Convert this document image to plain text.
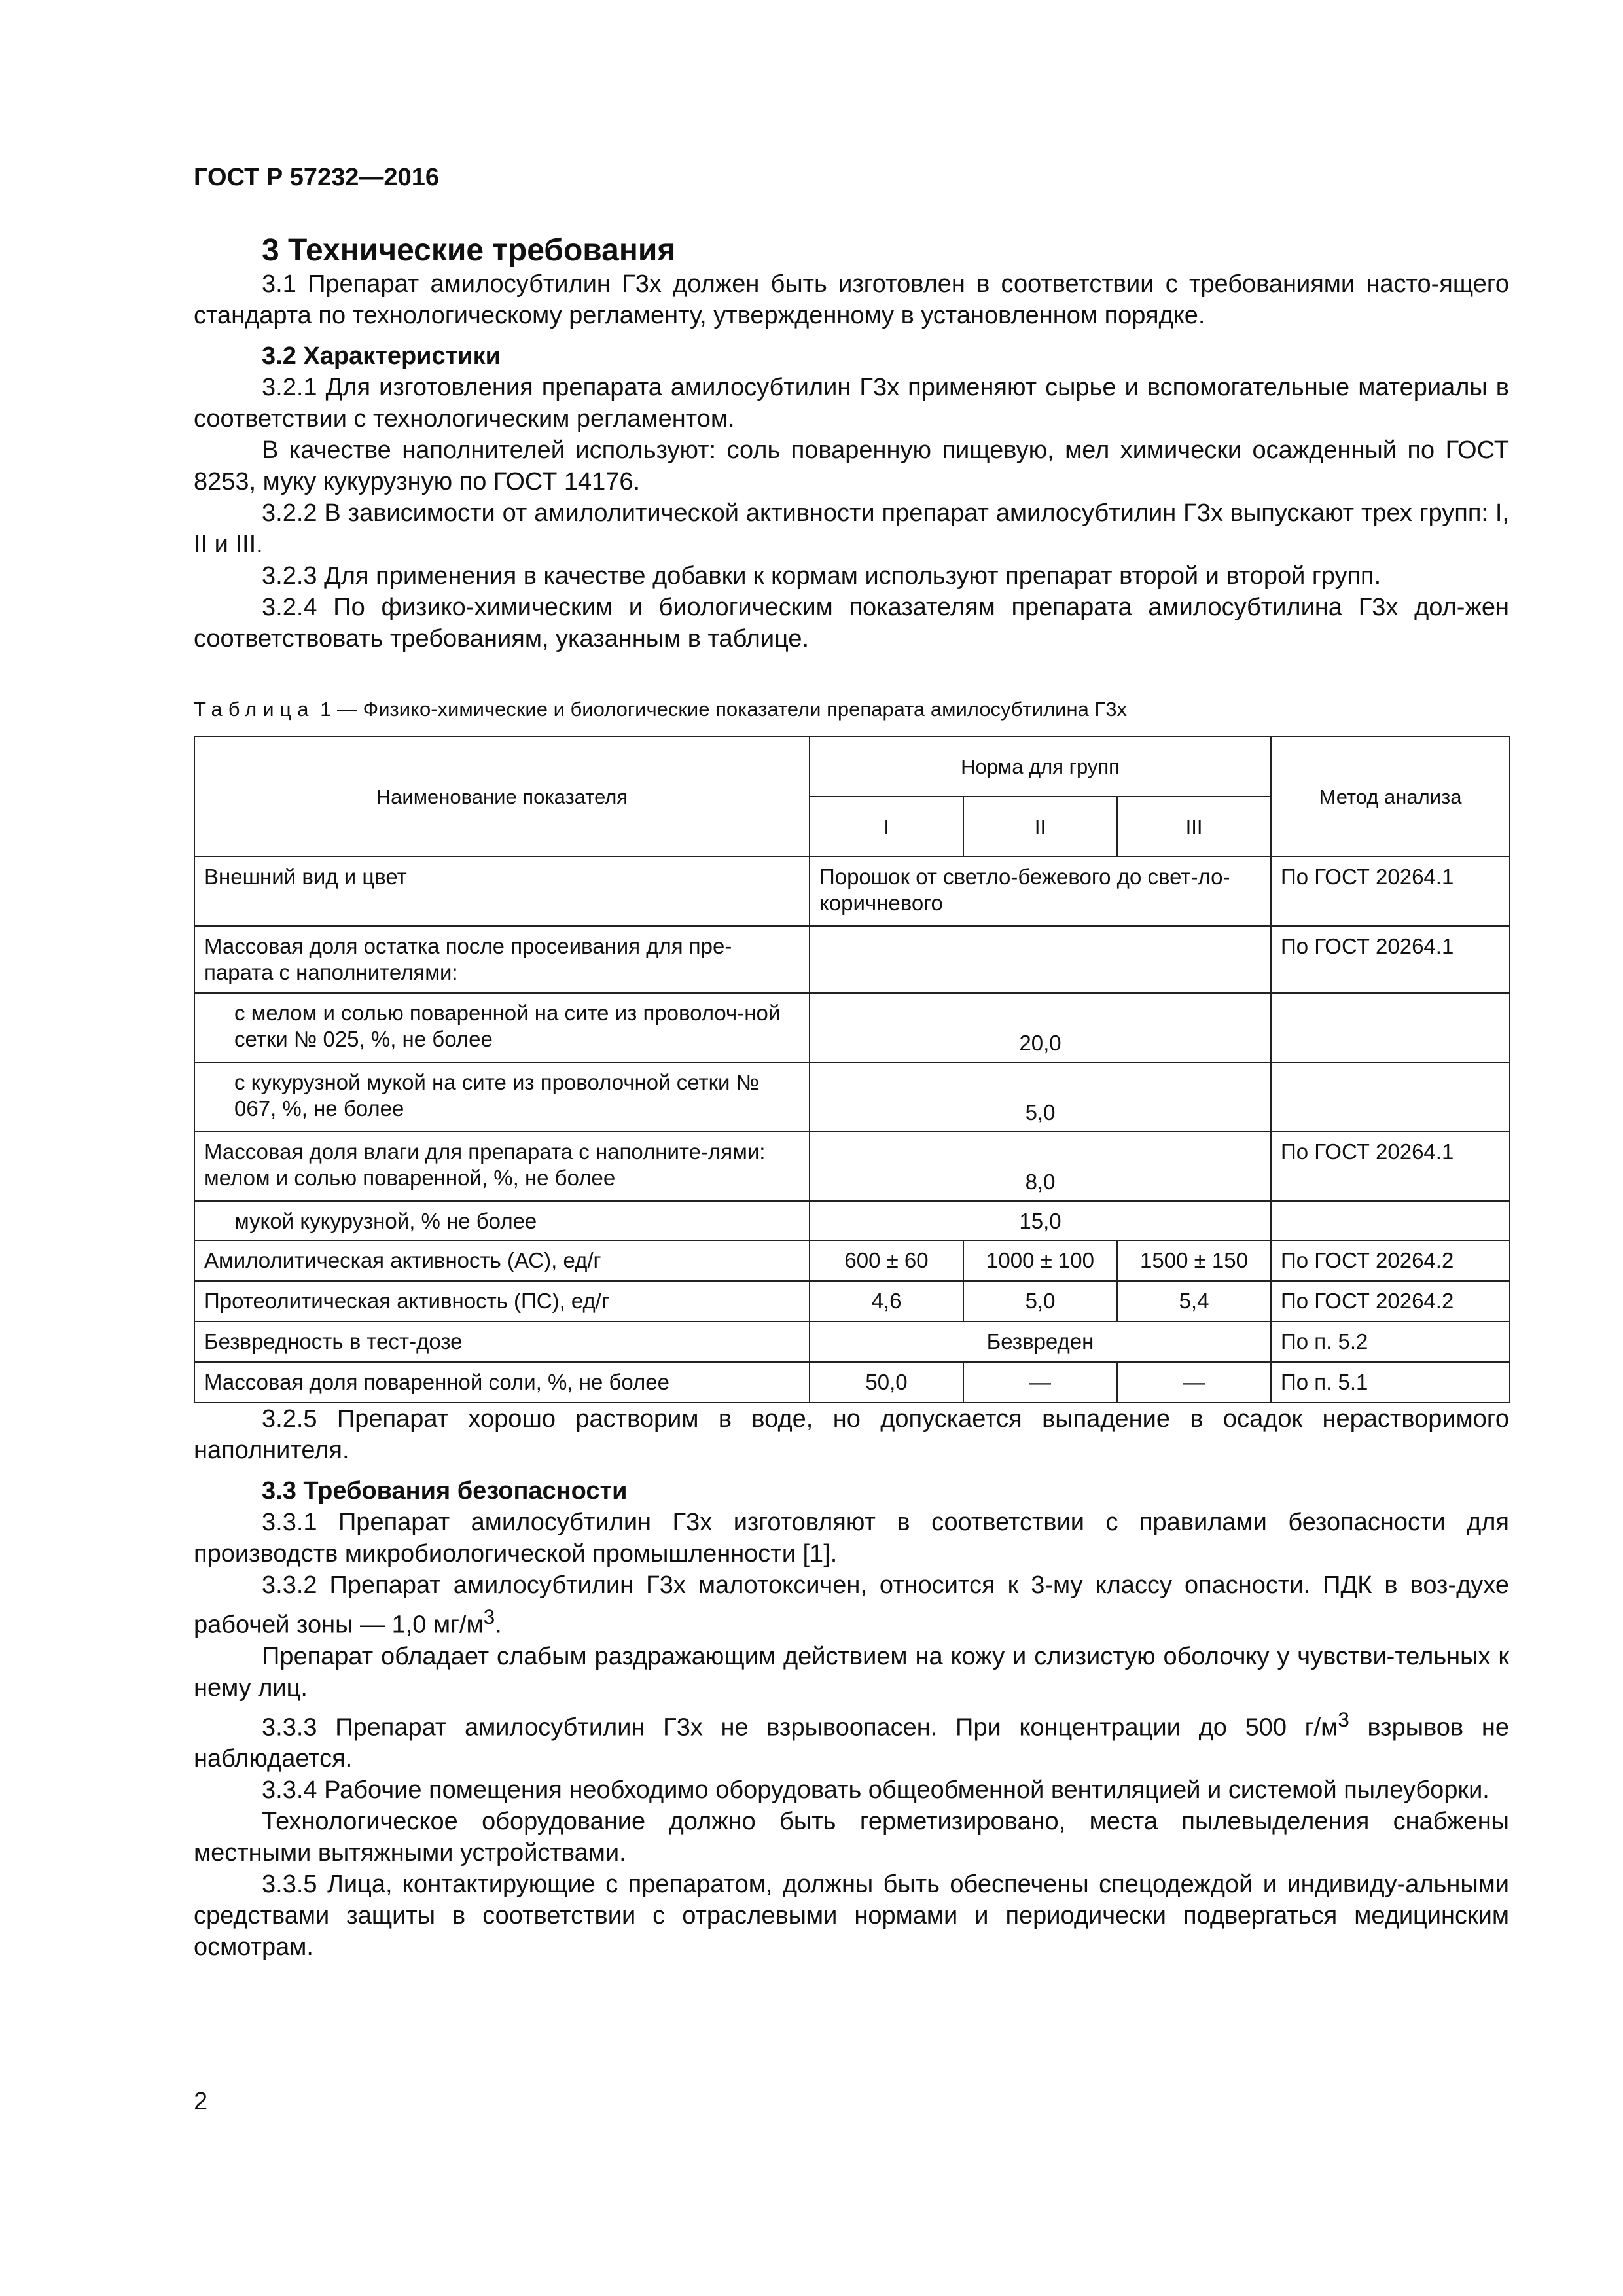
ГОСТ Р 57232—2016
3 Технические требования

3.1 Препарат амилосубтилин Г3х должен быть изготовлен в соответствии с требованиями насто-ящего стандарта по технологическому регламенту, утвержденному в установленном порядке.

3.2 Характеристики

3.2.1 Для изготовления препарата амилосубтилин Г3х применяют сырье и вспомогательные материалы в соответствии с технологическим регламентом.

В качестве наполнителей используют: соль поваренную пищевую, мел химически осажденный по ГОСТ 8253, муку кукурузную по ГОСТ 14176.

3.2.2 В зависимости от амилолитической активности препарат амилосубтилин Г3х выпускают трех групп: I, II и III.

3.2.3 Для применения в качестве добавки к кормам используют препарат второй и второй групп.

3.2.4 По физико-химическим и биологическим показателям препарата амилосубтилина Г3х дол-жен соответствовать требованиям, указанным в таблице.

Таблица 1 — Физико-химические и биологические показатели препарата амилосубтилина Г3х
Наименование показателя	Норма для групп			Метод анализа
	I	II	III	
Внешний вид и цвет	Порошок от светло-бежевого до свет-ло-коричневого			По ГОСТ 20264.1
Массовая доля остатка после просеивания для пре-парата с наполнителями:				По ГОСТ 20264.1
с мелом и солью поваренной на сите из проволоч-ной сетки № 025, %, не более	20,0			
с кукурузной мукой на сите из проволочной сетки № 067, %, не более	5,0			
Массовая доля влаги для препарата с наполните-лями: мелом и солью поваренной, %, не более	8,0			По ГОСТ 20264.1
мукой кукурузной, % не более	15,0			
Амилолитическая активность (АС), ед/г	600 ± 60	1000 ± 100	1500 ± 150	По ГОСТ 20264.2
Протеолитическая активность (ПС), ед/г	4,6	5,0	5,4	По ГОСТ 20264.2
Безвредность в тест-дозе	Безвреден			По п. 5.2
Массовая доля поваренной соли, %, не более	50,0	—	—	По п. 5.1

3.2.5 Препарат хорошо растворим в воде, но допускается выпадение в осадок нерастворимого наполнителя.

3.3 Требования безопасности

3.3.1 Препарат амилосубтилин Г3х изготовляют в соответствии с правилами безопасности для производств микробиологической промышленности [1].

3.3.2 Препарат амилосубтилин Г3х малотоксичен, относится к 3-му классу опасности. ПДК в воз-духе рабочей зоны — 1,0 $мг/м^3$.

Препарат обладает слабым раздражающим действием на кожу и слизистую оболочку у чувстви-тельных к нему лиц.

3.3.3 Препарат амилосубтилин Г3х не взрывоопасен. При концентрации до 500 $г/м^3$ взрывов не наблюдается.

3.3.4 Рабочие помещения необходимо оборудовать общеобменной вентиляцией и системой пылеуборки.

Технологическое оборудование должно быть герметизировано, места пылевыделения снабжены местными вытяжными устройствами.

3.3.5 Лица, контактирующие с препаратом, должны быть обеспечены спецодеждой и индивиду-альными средствами защиты в соответствии с отраслевыми нормами и периодически подвергаться медицинским осмотрам.

2
